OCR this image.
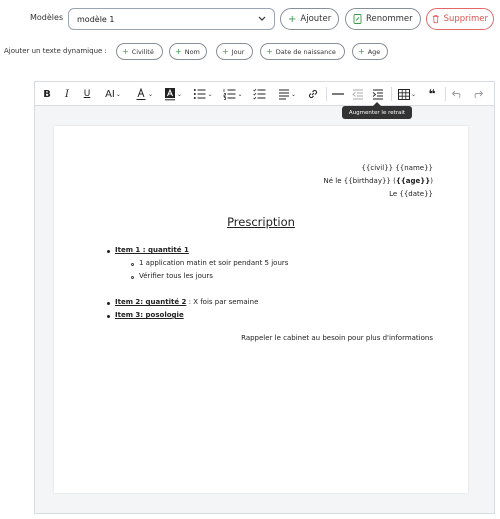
Modèles modèle 1	+ Ajouter	Renommer	Supprimer
Ajouter un texte dynamique : + Civilité	+ Nom	+ Jour	+ Date de naissance	+ Age
B	I	U AI ⌄	⌄	⌄	⌄	⌄	⌄	⌄ ❝
Augmenter le retrait
{{civil}} {{name}}
Né le {{birthday}} ({{age}})
Le {{date}}
Prescription
Item 1 : quantité 1
1 application matin et soir pendant 5 jours
Vérifier tous les jours
Item 2: quantité 2 : X fois par semaine
Item 3: posologie
Rappeler le cabinet au besoin pour plus d'informations
